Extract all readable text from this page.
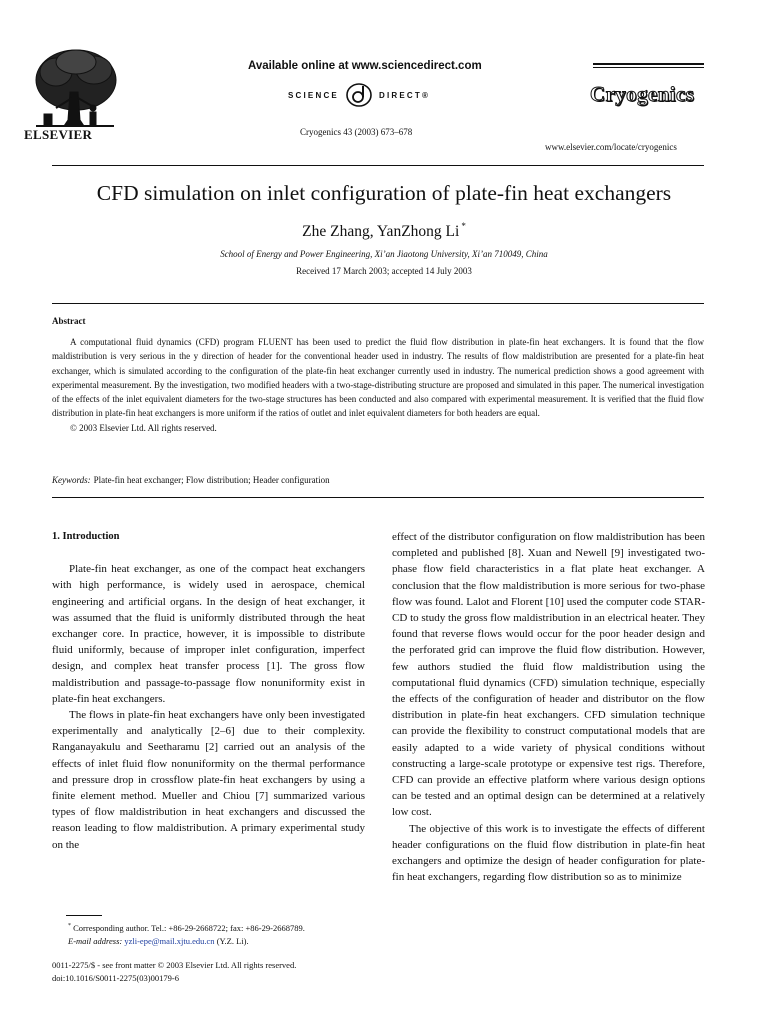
ELSEVIER
Available online at www.sciencedirect.com
SCIENCE	DIRECT®
Cryogenics 43 (2003) 673–678
Cryogenics
www.elsevier.com/locate/cryogenics
CFD simulation on inlet configuration of plate-fin heat exchangers
Zhe Zhang, YanZhong Li *
School of Energy and Power Engineering, Xi’an Jiaotong University, Xi’an 710049, China
Received 17 March 2003; accepted 14 July 2003
Abstract

A computational fluid dynamics (CFD) program FLUENT has been used to predict the fluid flow distribution in plate-fin heat exchangers. It is found that the flow maldistribution is very serious in the y direction of header for the conventional header used in industry. The results of flow maldistribution are presented for a plate-fin heat exchanger, which is simulated according to the configuration of the plate-fin heat exchanger currently used in industry. The numerical prediction shows a good agreement with experimental measurement. By the investigation, two modified headers with a two-stage-distributing structure are proposed and simulated in this paper. The numerical investigation of the effects of the inlet equivalent diameters for the two-stage structures has been conducted and also compared with experimental measurement. It is verified that the fluid flow distribution in plate-fin heat exchangers is more uniform if the ratios of outlet and inlet equivalent diameters for both headers are equal.

© 2003 Elsevier Ltd. All rights reserved.

Keywords: Plate-fin heat exchanger; Flow distribution; Header configuration
1. Introduction

Plate-fin heat exchanger, as one of the compact heat exchangers with high performance, is widely used in aerospace, chemical engineering and artificial organs. In the design of heat exchanger, it was assumed that the fluid is uniformly distributed through the heat exchanger core. In practice, however, it is impossible to distribute fluid uniformly, because of improper inlet configuration, imperfect design, and complex heat transfer process [1]. The gross flow maldistribution and passage-to-passage flow nonuniformity exist in plate-fin heat exchangers.

The flows in plate-fin heat exchangers have only been investigated experimentally and analytically [2–6] due to their complexity. Ranganayakulu and Seetharamu [2] carried out an analysis of the effects of inlet fluid flow nonuniformity on the thermal performance and pressure drop in crossflow plate-fin heat exchangers by using a finite element method. Mueller and Chiou [7] summarized various types of flow maldistribution in heat exchangers and discussed the reason leading to flow maldistribution. A primary experimental study on the

effect of the distributor configuration on flow maldistribution has been completed and published [8]. Xuan and Newell [9] investigated two-phase flow field characteristics in a flat plate heat exchanger. A conclusion that the flow maldistribution is more serious for two-phase flow was found. Lalot and Florent [10] used the computer code STAR-CD to study the gross flow maldistribution in an electrical heater. They found that reverse flows would occur for the poor header design and the perforated grid can improve the fluid flow distribution. However, few authors studied the fluid flow maldistribution using the computational fluid dynamics (CFD) simulation technique, especially the effects of the configuration of header and distributor on the flow distribution in plate-fin heat exchangers. CFD simulation technique can provide the flexibility to construct computational models that are easily adapted to a wide variety of physical conditions without constructing a large-scale prototype or expensive test rigs. Therefore, CFD can provide an effective platform where various design options can be tested and an optimal design can be determined at a relatively low cost.

The objective of this work is to investigate the effects of different header configurations on the fluid flow distribution in plate-fin heat exchangers and optimize the design of header configuration for plate-fin heat exchangers, regarding flow distribution so as to minimize

* Corresponding author. Tel.: +86-29-2668722; fax: +86-29-2668789.
E-mail address: yzli-epe@mail.xjtu.edu.cn (Y.Z. Li).
0011-2275/$ - see front matter © 2003 Elsevier Ltd. All rights reserved.
doi:10.1016/S0011-2275(03)00179-6
